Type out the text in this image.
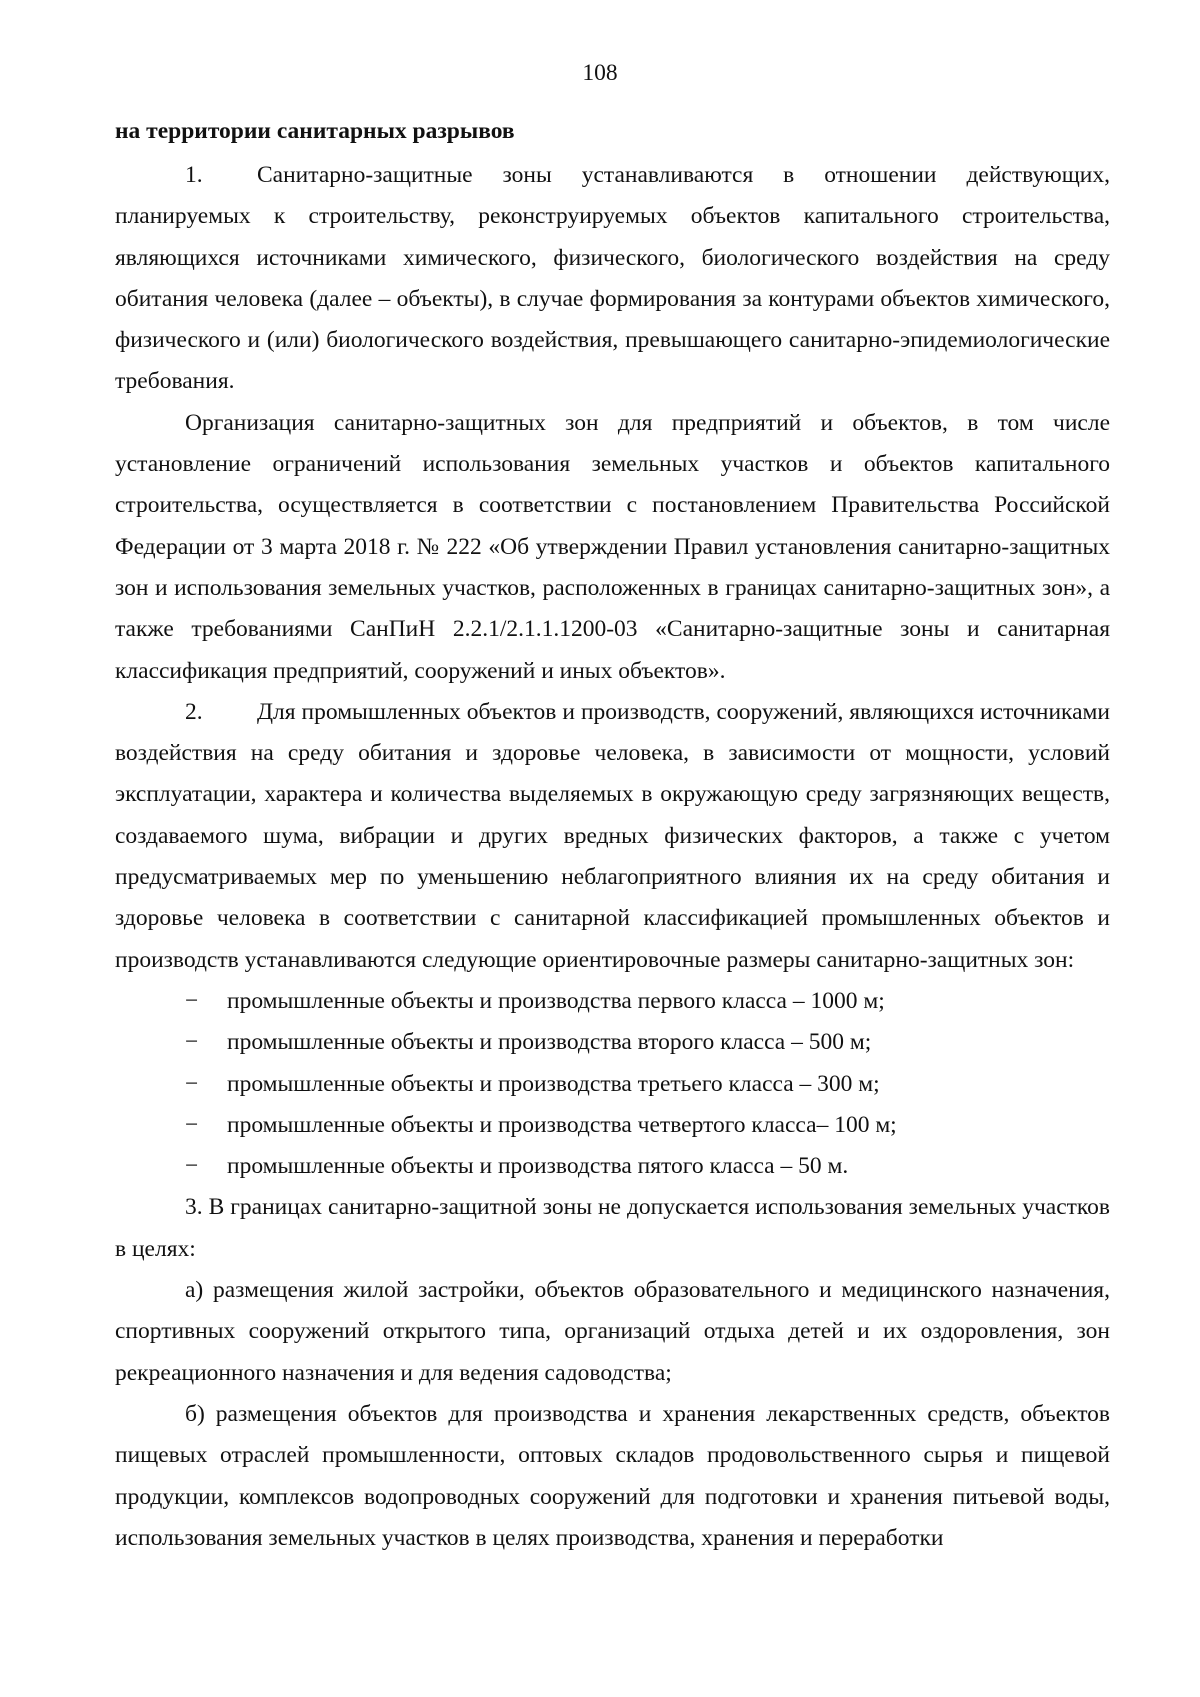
108

на территории санитарных разрывов

1. Санитарно-защитные зоны устанавливаются в отношении действующих, планируемых к строительству, реконструируемых объектов капитального строительства, являющихся источниками химического, физического, биологического воздействия на среду обитания человека (далее – объекты), в случае формирования за контурами объектов химического, физического и (или) биологического воздействия, превышающего санитарно-эпидемиологические требования.

Организация санитарно-защитных зон для предприятий и объектов, в том числе установление ограничений использования земельных участков и объектов капитального строительства, осуществляется в соответствии с постановлением Правительства Российской Федерации от 3 марта 2018 г. № 222 «Об утверждении Правил установления санитарно-защитных зон и использования земельных участков, расположенных в границах санитарно-защитных зон», а также требованиями СанПиН 2.2.1/2.1.1.1200-03 «Санитарно-защитные зоны и санитарная классификация предприятий, сооружений и иных объектов».

2. Для промышленных объектов и производств, сооружений, являющихся источниками воздействия на среду обитания и здоровье человека, в зависимости от мощности, условий эксплуатации, характера и количества выделяемых в окружающую среду загрязняющих веществ, создаваемого шума, вибрации и других вредных физических факторов, а также с учетом предусматриваемых мер по уменьшению неблагоприятного влияния их на среду обитания и здоровье человека в соответствии с санитарной классификацией промышленных объектов и производств устанавливаются следующие ориентировочные размеры санитарно-защитных зон:

−	промышленные объекты и производства первого класса – 1000 м;
−	промышленные объекты и производства второго класса – 500 м;
−	промышленные объекты и производства третьего класса – 300 м;
−	промышленные объекты и производства четвертого класса– 100 м;
−	промышленные объекты и производства пятого класса – 50 м.

3. В границах санитарно-защитной зоны не допускается использования земельных участков в целях:

а) размещения жилой застройки, объектов образовательного и медицинского назначения, спортивных сооружений открытого типа, организаций отдыха детей и их оздоровления, зон рекреационного назначения и для ведения садоводства;

б) размещения объектов для производства и хранения лекарственных средств, объектов пищевых отраслей промышленности, оптовых складов продовольственного сырья и пищевой продукции, комплексов водопроводных сооружений для подготовки и хранения питьевой воды, использования земельных участков в целях производства, хранения и переработки
